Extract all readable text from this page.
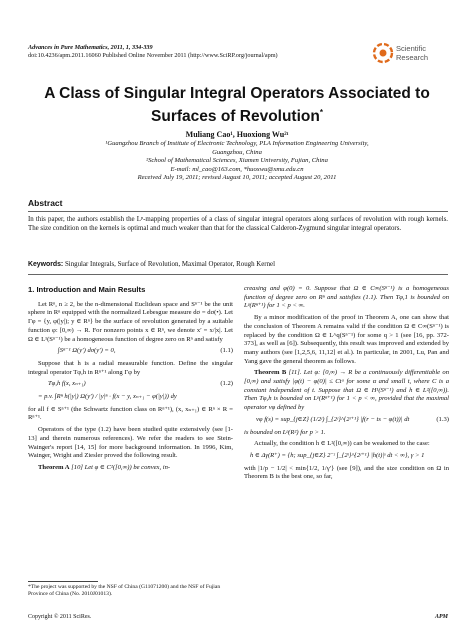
Advances in Pure Mathematics, 2011, 1, 334-339
doi:10.4236/apm.2011.16060 Published Online November 2011 (http://www.SciRP.org/journal/apm)
Scientific
Research
A Class of Singular Integral Operators Associated to
Surfaces of Revolution*
Muliang Cao¹, Huoxiong Wu²ᵗ
¹Guangzhou Branch of Institute of Electronic Technology, PLA Information Engineering University,
Guangzhou, China
²School of Mathematical Sciences, Xiamen University, Fujian, China
E-mail: ml_cao@163.com, *huoxwu@xmu.edu.cn
Received July 19, 2011; revised August 10, 2011; accepted August 20, 2011
Abstract
In this paper, the authors establish the Lᵖ-mapping properties of a class of singular integral operators along surfaces of revolution with rough kernels. The size condition on the kernels is optimal and much weaker than that for the classical Calderon-Zygmund singular integral operators.
Keywords: Singular Integrals, Surface of Revolution, Maximal Operator, Rough Kernel
1. Introduction and Main Results

Let Rⁿ, n ≥ 2, be the n-dimensional Euclidean space and Sⁿ⁻¹ be the unit sphere in Rⁿ equipped with the normalized Lebesgue measure dσ = dσ(•). Let Γφ = {y, φ(|y|); y ∈ Rⁿ} be the surface of revolution generated by a suitable function φ: [0,∞) → R. For nonzero points x ∈ Rⁿ, we denote x′ = x/|x|. Let Ω ∈ L¹(Sⁿ⁻¹) be a homogeneous function of degree zero on Rⁿ and satisfy

∫Sⁿ⁻¹ Ω(y′) dσ(y′) = 0,	(1.1)

Suppose that h is a radial measurable function. Define the singular integral operator Tφ,h in Rⁿ⁺¹ along Γφ by

Tφ,h f(x, xₙ₊₁)	(1.2)
= p.v. ∫Rⁿ h(|y|) Ω(y′) / |y|ⁿ · f(x − y, xₙ₊₁ − φ(|y|)) dy

for all f ∈ Sⁿ⁺¹ (the Schwartz function class on Rⁿ⁺¹), (x, xₙ₊₁) ∈ Rⁿ × R = Rⁿ⁺¹.

Operators of the type (1.2) have been studied quite extensively (see [1-13] and therein numerous references). We refer the readers to see Stein-Wainger's report [14, 15] for more background information. In 1996, Kim, Wainger, Wright and Ziesler proved the following result.

Theorem A [10] Let φ ∈ C²([0,∞)) be convex, in-

*The project was supported by the NSF of China (G11071200) and the NSF of Fujian Province of China (No. 2010J01013).

creasing and φ(0) = 0. Suppose that Ω ∈ C∞(Sⁿ⁻¹) is a homogeneous function of degree zero on Rⁿ and satisfies (1.1). Then Tφ,1 is bounded on Lᵖ(Rⁿ⁺¹) for 1 < p < ∞.

By a minor modification of the proof in Theorem A, one can show that the conclusion of Theorem A remains valid if the condition Ω ∈ C∞(Sⁿ⁻¹) is replaced by the condition Ω ∈ L^q(Sⁿ⁻¹) for some q > 1 (see [16, pp. 372-373], as well as [6]). Subsequently, this result was improved and extended by many authors (see [1,2,5,6, 11,12] et al.). In particular, in 2001, Lu, Pan and Yang gave the general theorem as follows.

Theorem B [11]. Let φ: [0,∞) → R be a continuously differentiable on [0,∞) and satisfy |φ(t) − φ(0)| ≤ Ctᵅ for some α and small t, where C is a constant independent of t. Suppose that Ω ∈ H¹(Sⁿ⁻¹) and h ∈ L²([0,∞)). Then Tφ,h is bounded on Lᵖ(Rⁿ⁺¹) for 1 < p < ∞, provided that the maximal operator νφ defined by

νφ f(s) = sup_{j∈Z} (1/2ʲ) ∫_{2ʲ}^{2ʲ⁺¹} |f(r − ts − φ(t))| dt	(1.3)

is bounded on Lᵖ(R²) for p > 1.

Actually, the condition h ∈ L²([0,∞)) can be weakened to the case:

h ∈ Δγ(R⁺) = {h; sup_{j∈Z} 2⁻ʲ ∫_{2ʲ}^{2ʲ⁺¹} |h(t)|ᵞ dt < ∞}, γ > 1

with |1/p − 1/2| < min{1/2, 1/γ′} (see [9]), and the size condition on Ω in Theorem B is the best one, so far,

Copyright © 2011 SciRes.	APM
